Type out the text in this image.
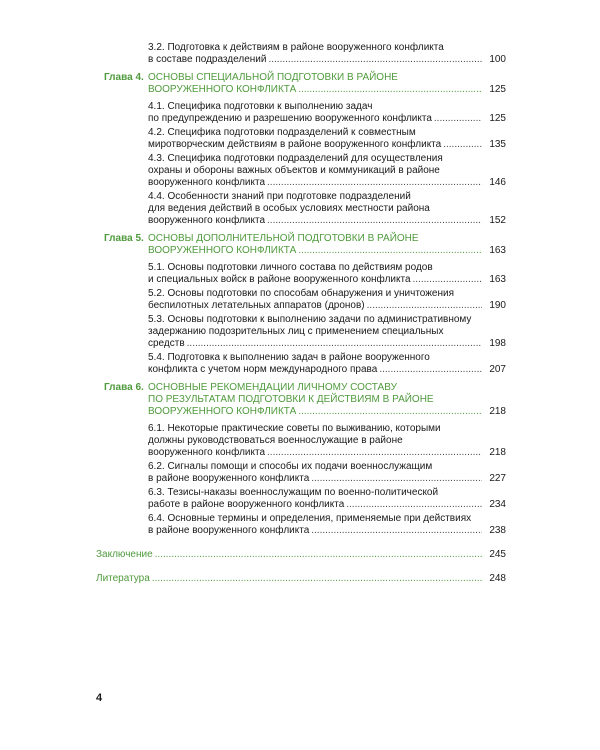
3.2. Подготовка к действиям в районе вооруженного конфликта
в составе подразделений .....	100
Глава 4. ОСНОВЫ СПЕЦИАЛЬНОЙ ПОДГОТОВКИ В РАЙОНЕ
ВООРУЖЕННОГО КОНФЛИКТА .....	125
4.1. Специфика подготовки к выполнению задач
по предупреждению и разрешению вооруженного конфликта .....	125
4.2. Специфика подготовки подразделений к совместным
миротворческим действиям в районе вооруженного конфликта .....	135
4.3. Специфика подготовки подразделений для осуществления
охраны и обороны важных объектов и коммуникаций в районе
вооруженного конфликта .....	146
4.4. Особенности знаний при подготовке подразделений
для ведения действий в особых условиях местности района
вооруженного конфликта .....	152
Глава 5. ОСНОВЫ ДОПОЛНИТЕЛЬНОЙ ПОДГОТОВКИ В РАЙОНЕ
ВООРУЖЕННОГО КОНФЛИКТА .....	163
5.1. Основы подготовки личного состава по действиям родов
и специальных войск в районе вооруженного конфликта .....	163
5.2. Основы подготовки по способам обнаружения и уничтожения
беспилотных летательных аппаратов (дронов) .....	190
5.3. Основы подготовки к выполнению задачи по административному
задержанию подозрительных лиц с применением специальных
средств .....	198
5.4. Подготовка к выполнению задач в районе вооруженного
конфликта с учетом норм международного права .....	207
Глава 6. ОСНОВНЫЕ РЕКОМЕНДАЦИИ ЛИЧНОМУ СОСТАВУ
ПО РЕЗУЛЬТАТАМ ПОДГОТОВКИ К ДЕЙСТВИЯМ В РАЙОНЕ
ВООРУЖЕННОГО КОНФЛИКТА .....	218
6.1. Некоторые практические советы по выживанию, которыми
должны руководствоваться военнослужащие в районе
вооруженного конфликта .....	218
6.2. Сигналы помощи и способы их подачи военнослужащим
в районе вооруженного конфликта .....	227
6.3. Тезисы-наказы военнослужащим по военно-политической
работе в районе вооруженного конфликта .....	234
6.4. Основные термины и определения, применяемые при действиях
в районе вооруженного конфликта .....	238
Заключение .....	245
Литература .....	248
4
